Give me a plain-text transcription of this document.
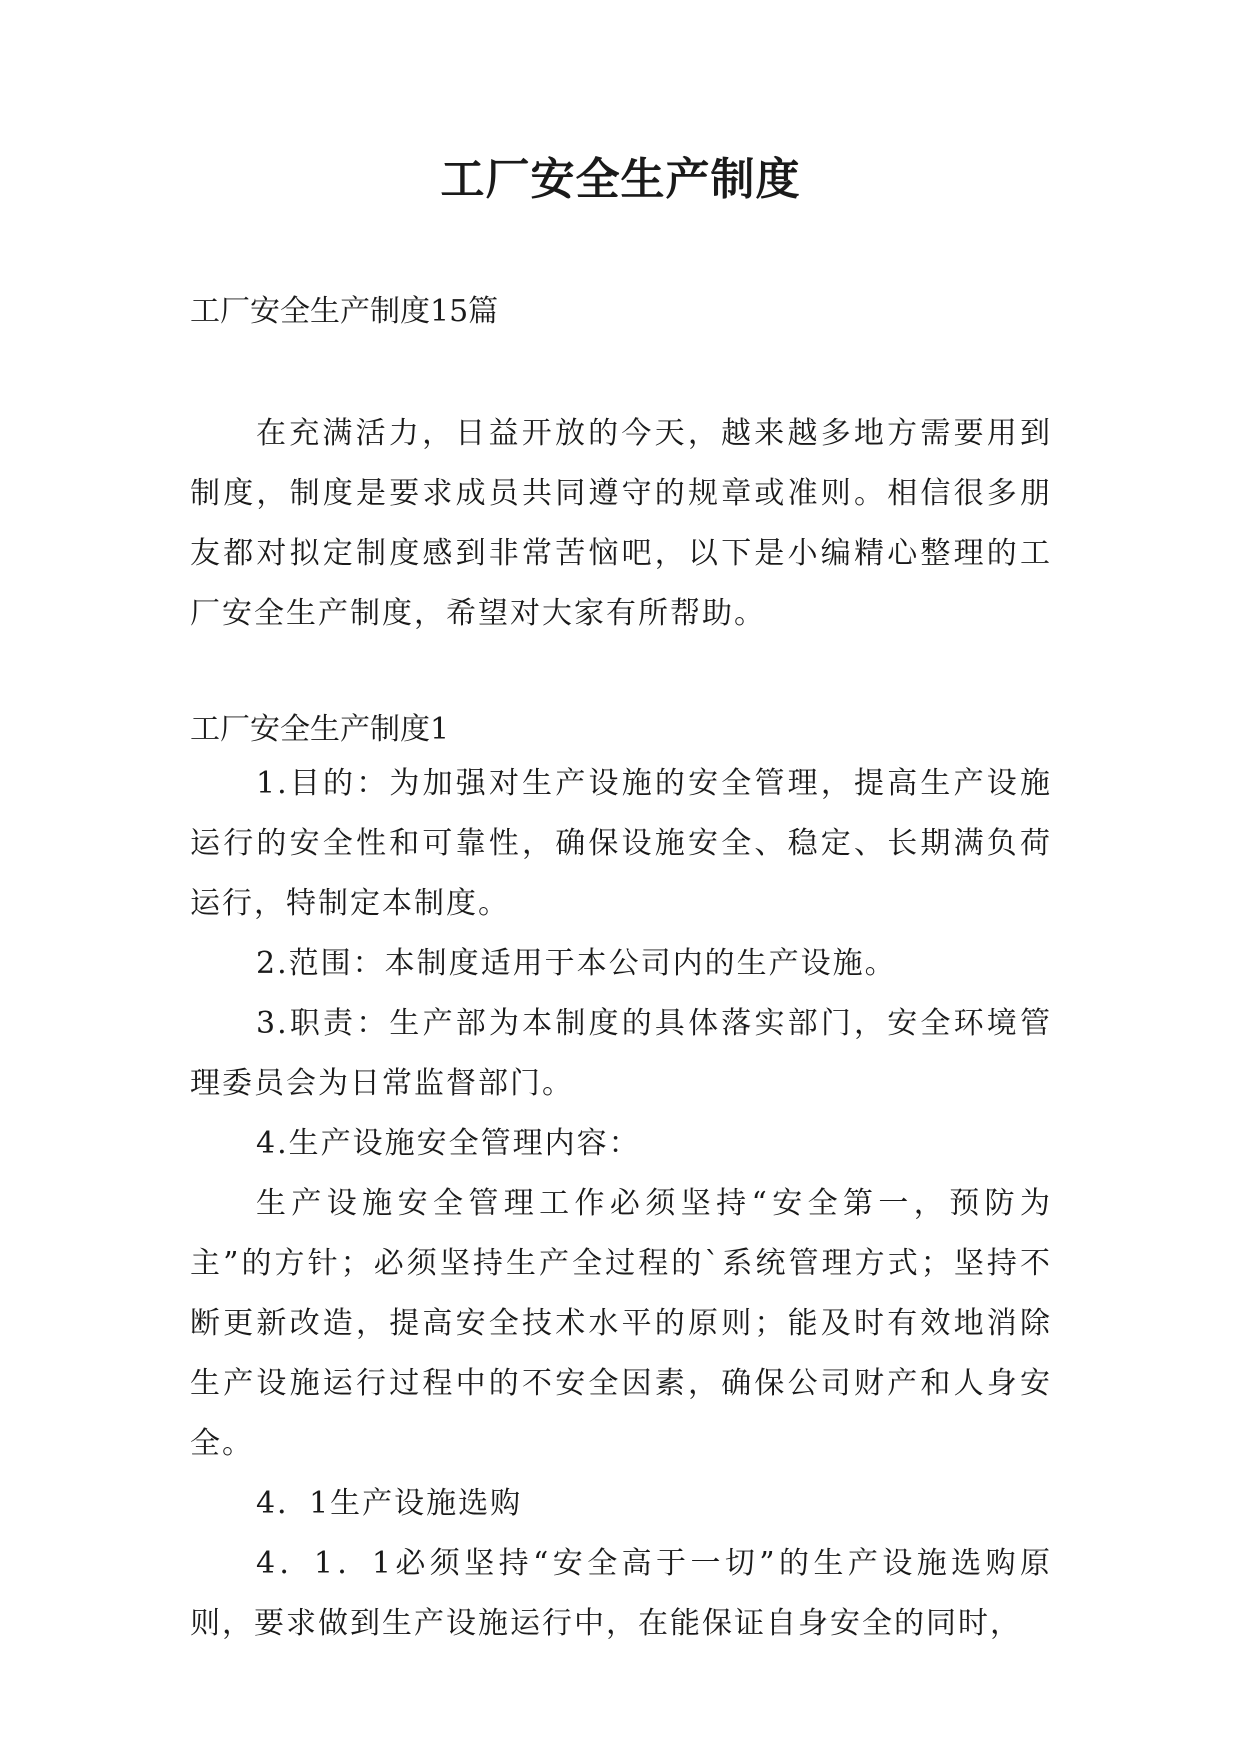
工厂安全生产制度
工厂安全生产制度15篇
在充满活力，日益开放的今天，越来越多地方需要用到制度，制度是要求成员共同遵守的规章或准则。相信很多朋友都对拟定制度感到非常苦恼吧，以下是小编精心整理的工厂安全生产制度，希望对大家有所帮助。
工厂安全生产制度1

1.目的：为加强对生产设施的安全管理，提高生产设施运行的安全性和可靠性，确保设施安全、稳定、长期满负荷运行，特制定本制度。

2.范围：本制度适用于本公司内的生产设施。

3.职责：生产部为本制度的具体落实部门，安全环境管理委员会为日常监督部门。

4.生产设施安全管理内容：

生产设施安全管理工作必须坚持“安全第一，预防为主”的方针；必须坚持生产全过程的`系统管理方式；坚持不断更新改造，提高安全技术水平的原则；能及时有效地消除生产设施运行过程中的不安全因素，确保公司财产和人身安全。

4．1生产设施选购

4．1．1必须坚持“安全高于一切”的生产设施选购原则，要求做到生产设施运行中，在能保证自身安全的同时，
